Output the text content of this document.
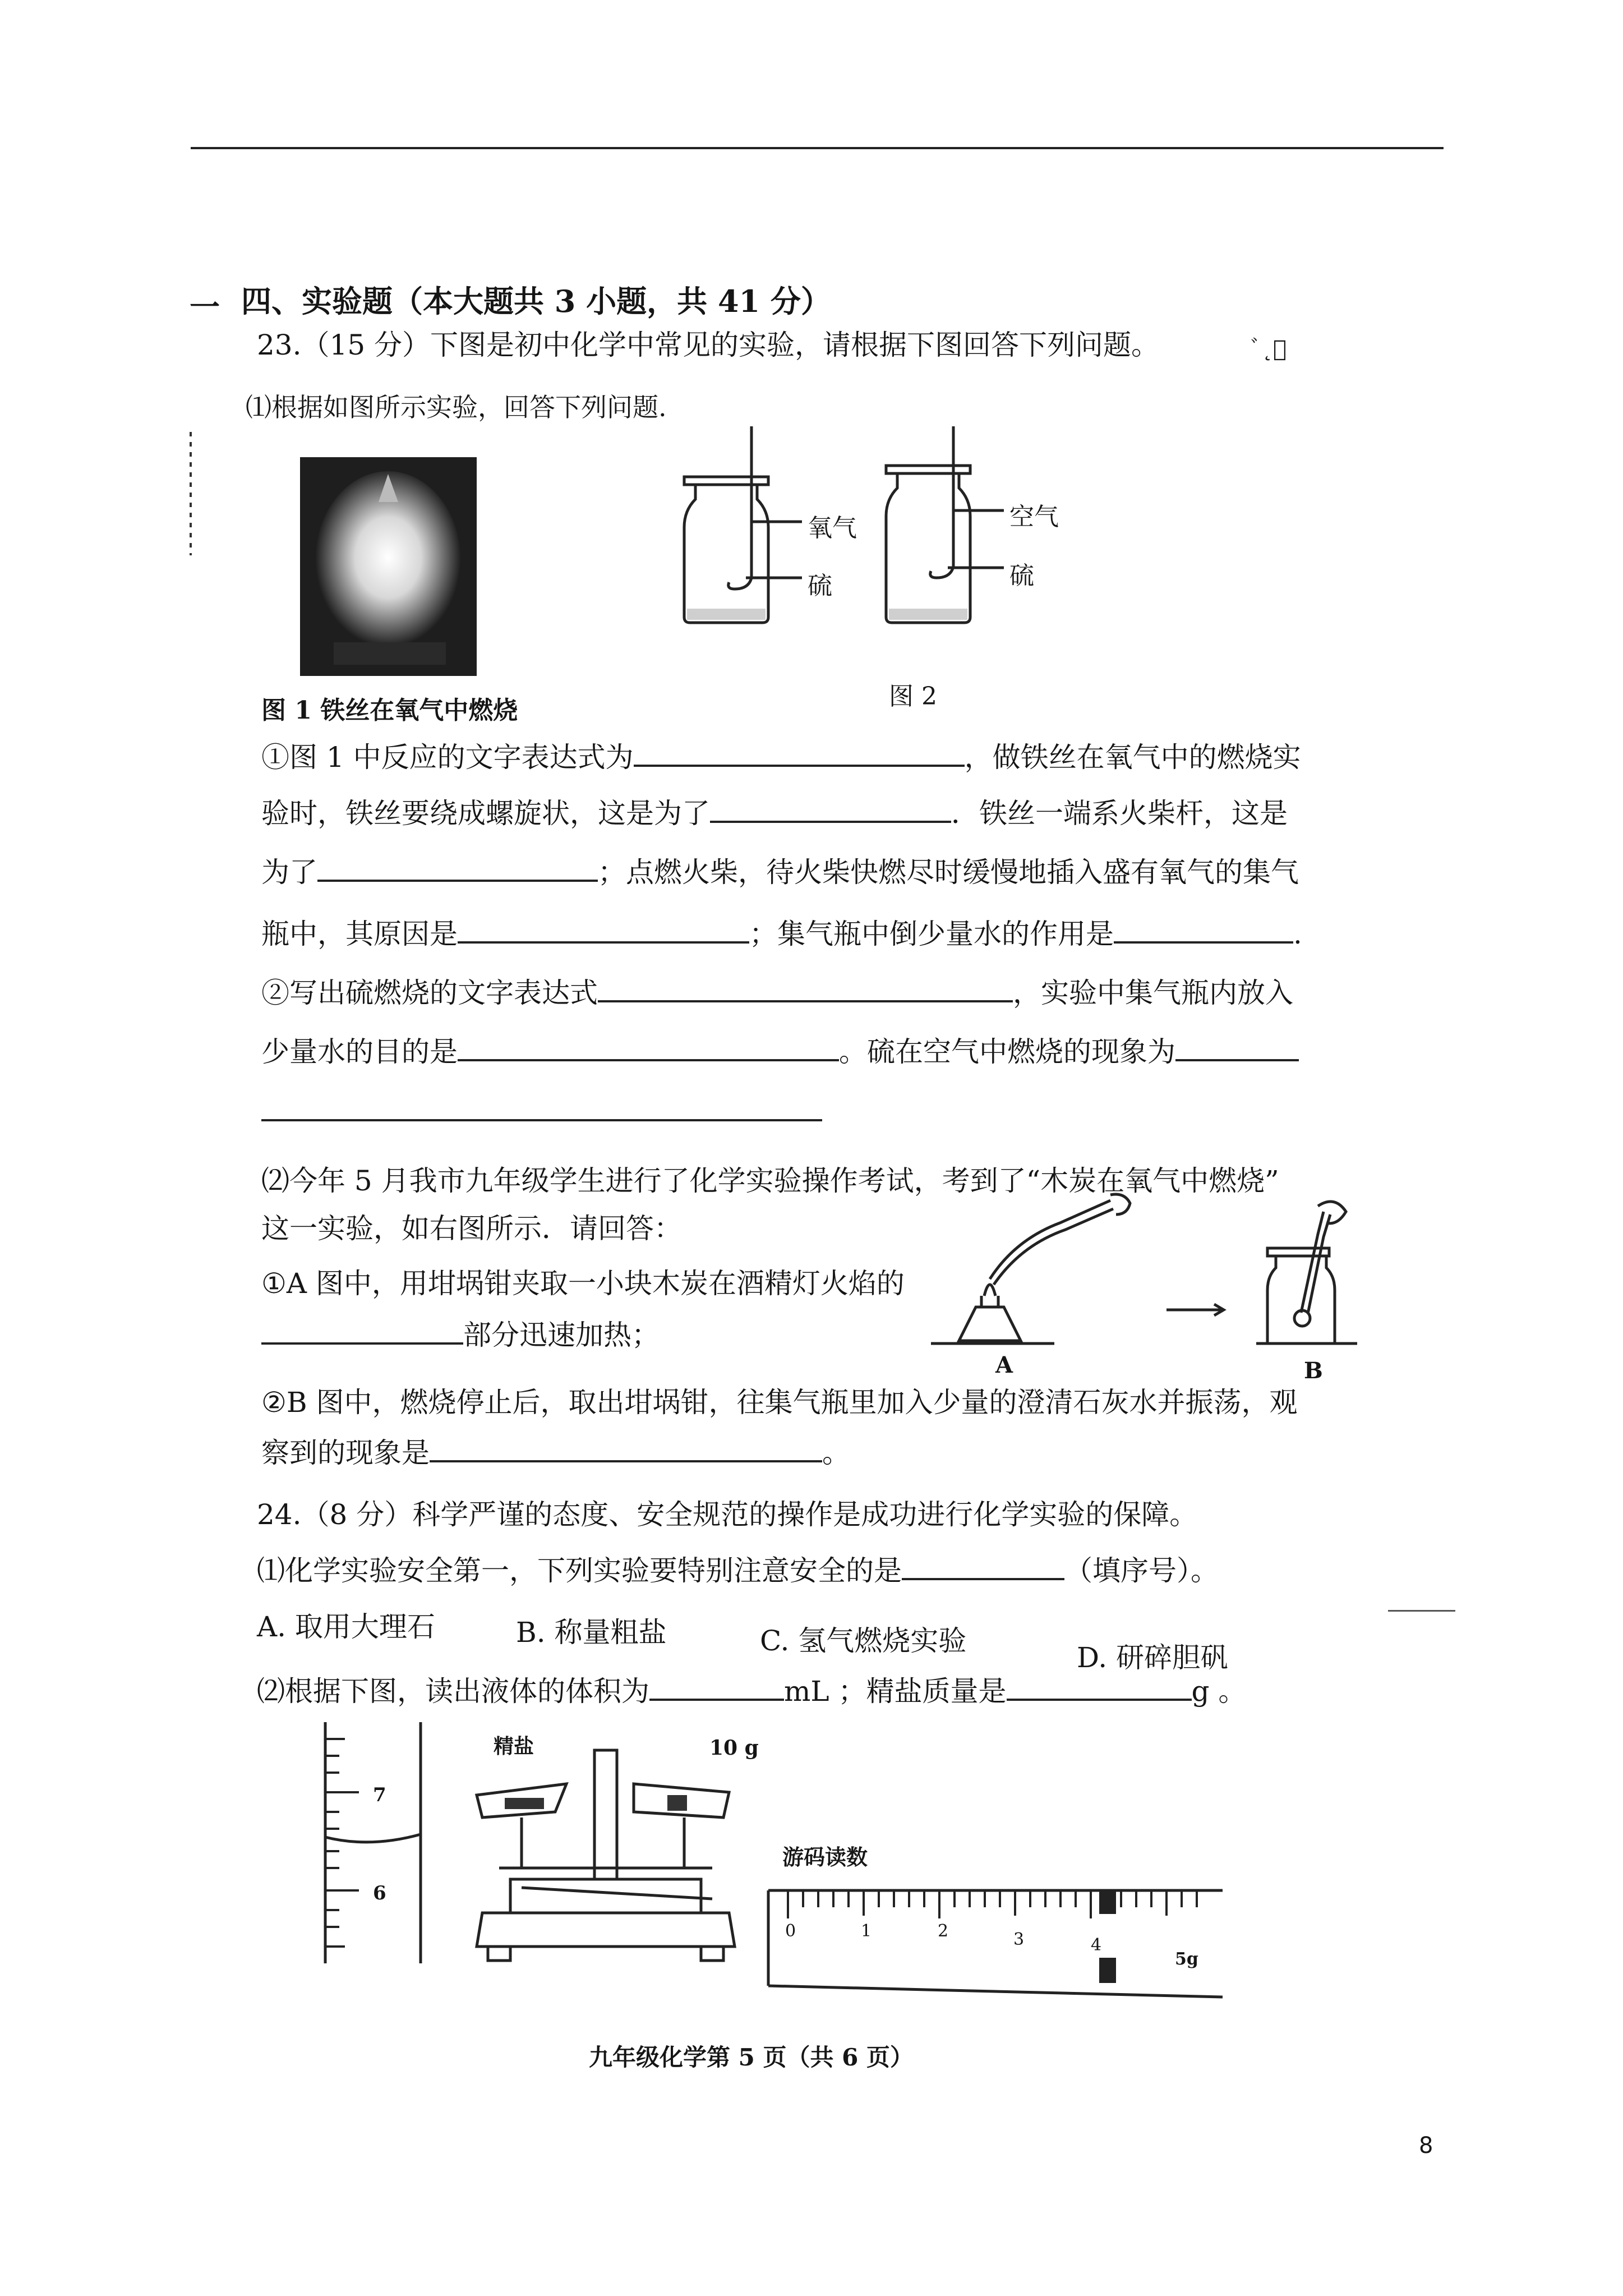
一 四、实验题（本大题共 3 小题，共 41 分）
23.（15 分）下图是初中化学中常见的实验，请根据下图回答下列问题。	ﾞ˛ﾞ
⑴根据如图所示实验，回答下列问题.
图 1 铁丝在氧气中燃烧
氧气
硫
空气
硫
图 2
①图 1 中反应的文字表达式为	，做铁丝在氧气中的燃烧实
验时，铁丝要绕成螺旋状，这是为了	．铁丝一端系火柴杆，这是
为了	；点燃火柴，待火柴快燃尽时缓慢地插入盛有氧气的集气
瓶中，其原因是	；集气瓶中倒少量水的作用是	.
②写出硫燃烧的文字表达式	，实验中集气瓶内放入
少量水的目的是	。硫在空气中燃烧的现象为
⑵今年 5 月我市九年级学生进行了化学实验操作考试，考到了“木炭在氧气中燃烧”
这一实验，如右图所示．请回答：
①A 图中，用坩埚钳夹取一小块木炭在酒精灯火焰的
部分迅速加热；
A	B
②B 图中，燃烧停止后，取出坩埚钳，往集气瓶里加入少量的澄清石灰水并振荡，观
察到的现象是	。
24.（8 分）科学严谨的态度、安全规范的操作是成功进行化学实验的保障。
⑴化学实验安全第一，下列实验要特别注意安全的是	（填序号）。
A. 取用大理石	B. 称量粗盐	C. 氢气燃烧实验
D. 研碎胆矾
⑵根据下图，读出液体的体积为	mL ；精盐质量是	g 。
7
6
精盐	10 g
游码读数
0	1	2	3	4
5g
九年级化学第 5 页（共 6 页）
8
